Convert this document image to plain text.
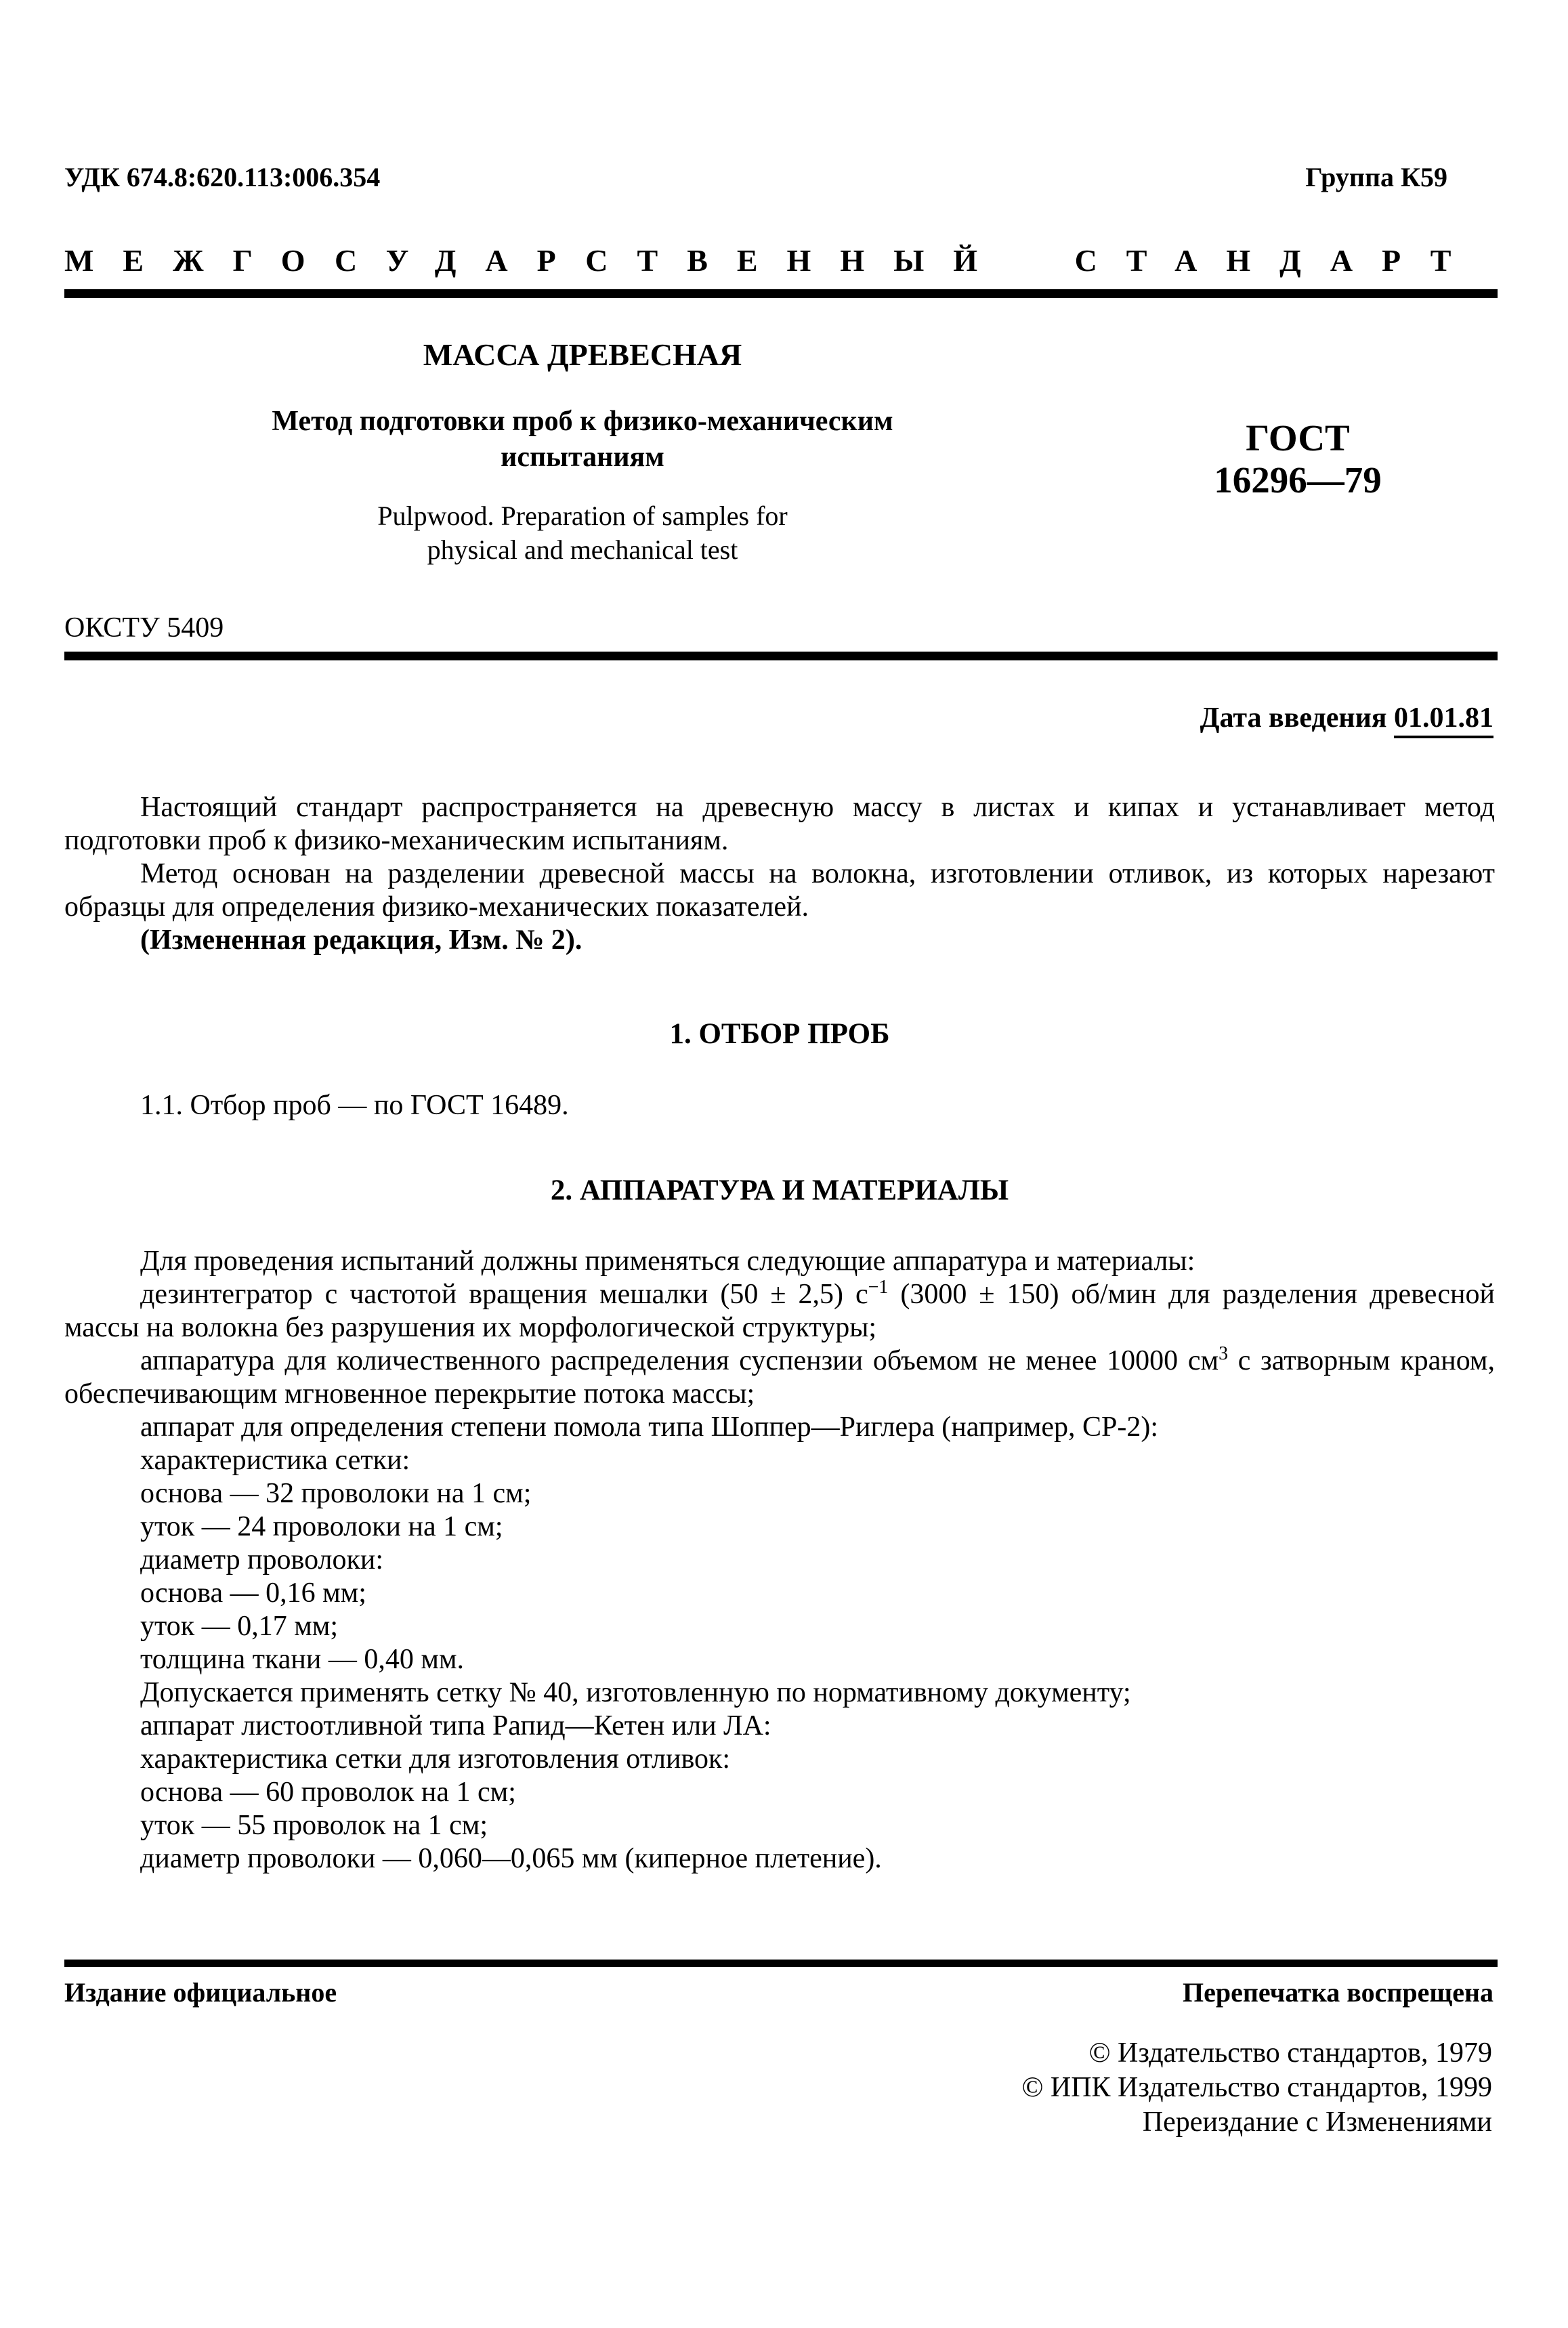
УДК 674.8:620.113:006.354	Группа К59
МЕЖГОСУДАРСТВЕННЫЙ СТАНДАРТ
МАССА ДРЕВЕСНАЯ
Метод подготовки проб к физико-механическим
испытаниям
Pulpwood. Preparation of samples for
physical and mechanical test
ГОСТ
16296—79
ОКСТУ 5409
Дата введения 01.01.81

Настоящий стандарт распространяется на древесную массу в листах и кипах и устанавливает метод подготовки проб к физико-механическим испытаниям.

Метод основан на разделении древесной массы на волокна, изготовлении отливок, из которых нарезают образцы для определения физико-механических показателей.

(Измененная редакция, Изм. № 2).

1. ОТБОР ПРОБ

1.1. Отбор проб — по ГОСТ 16489.

2. АППАРАТУРА И МАТЕРИАЛЫ

Для проведения испытаний должны применяться следующие аппаратура и материалы:

дезинтегратор с частотой вращения мешалки (50 ± 2,5) $с^{-1}$ (3000 ± 150) об/мин для разделения древесной массы на волокна без разрушения их морфологической структуры;

аппаратура для количественного распределения суспензии объемом не менее 10000 $см^3$ с затворным краном, обеспечивающим мгновенное перекрытие потока массы;

аппарат для определения степени помола типа Шоппер—Риглера (например, СР-2):

характеристика сетки:

основа — 32 проволоки на 1 см;

уток — 24 проволоки на 1 см;

диаметр проволоки:

основа — 0,16 мм;

уток — 0,17 мм;

толщина ткани — 0,40 мм.

Допускается применять сетку № 40, изготовленную по нормативному документу;

аппарат листоотливной типа Рапид—Кетен или ЛА:

характеристика сетки для изготовления отливок:

основа — 60 проволок на 1 см;

уток — 55 проволок на 1 см;

диаметр проволоки — 0,060—0,065 мм (киперное плетение).

Издание официальное	Перепечатка воспрещена
© Издательство стандартов, 1979
© ИПК Издательство стандартов, 1999
Переиздание с Изменениями
